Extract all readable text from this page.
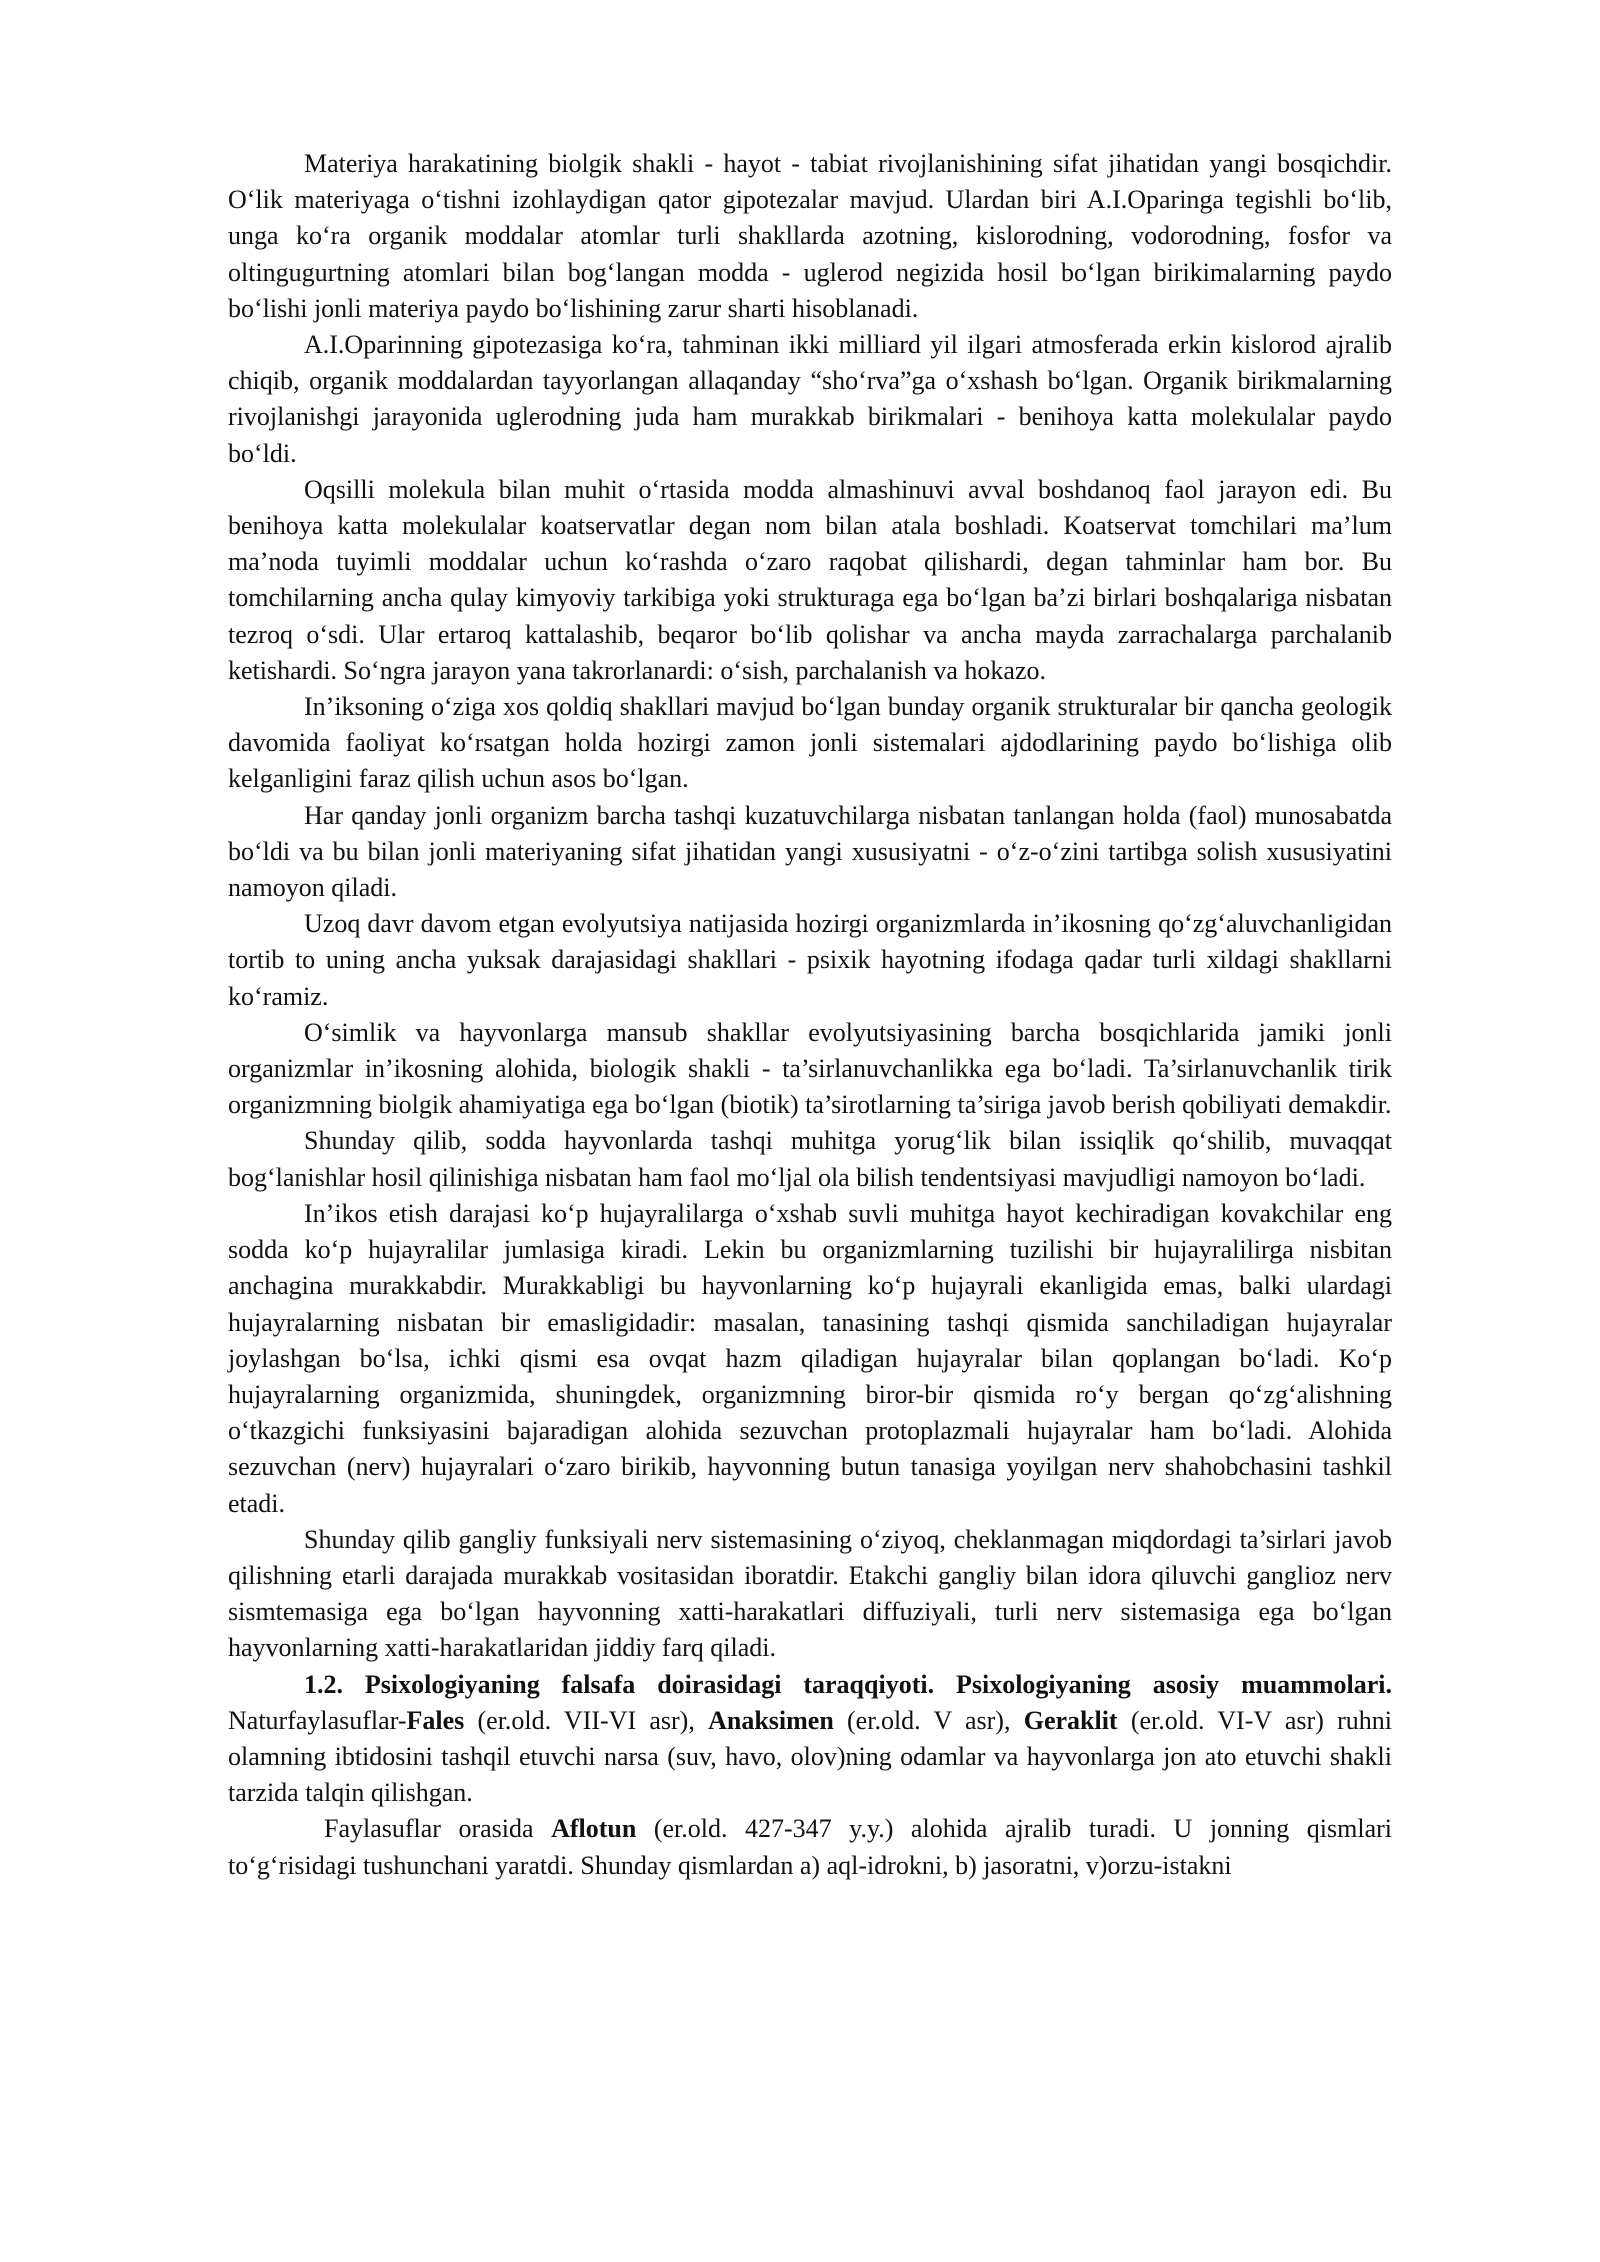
Materiya harakatining biolgik shakli - hayot - tabiat rivojlanishining sifat jihatidan yangi bosqichdir. O‘lik materiyaga o‘tishni izohlaydigan qator gipotezalar mavjud. Ulardan biri A.I.Oparinga tegishli bo‘lib, unga ko‘ra organik moddalar atomlar turli shakllarda azotning, kislorodning, vodorodning, fosfor va oltingugurtning atomlari bilan bog‘langan modda - uglerod negizida hosil bo‘lgan birikimalarning paydo bo‘lishi jonli materiya paydo bo‘lishining zarur sharti hisoblanadi.

A.I.Oparinning gipotezasiga ko‘ra, tahminan ikki milliard yil ilgari atmosferada erkin kislorod ajralib chiqib, organik moddalardan tayyorlangan allaqanday “sho‘rva”ga o‘xshash bo‘lgan. Organik birikmalarning rivojlanishgi jarayonida uglerodning juda ham murakkab birikmalari - benihoya katta molekulalar paydo bo‘ldi.

Oqsilli molekula bilan muhit o‘rtasida modda almashinuvi avval boshdanoq faol jarayon edi. Bu benihoya katta molekulalar koatservatlar degan nom bilan atala boshladi. Koatservat tomchilari ma’lum ma’noda tuyimli moddalar uchun ko‘rashda o‘zaro raqobat qilishardi, degan tahminlar ham bor. Bu tomchilarning ancha qulay kimyoviy tarkibiga yoki strukturaga ega bo‘lgan ba’zi birlari boshqalariga nisbatan tezroq o‘sdi. Ular ertaroq kattalashib, beqaror bo‘lib qolishar va ancha mayda zarrachalarga parchalanib ketishardi. So‘ngra jarayon yana takrorlanardi: o‘sish, parchalanish va hokazo.

In’iksoning o‘ziga xos qoldiq shakllari mavjud bo‘lgan bunday organik strukturalar bir qancha geologik davomida faoliyat ko‘rsatgan holda hozirgi zamon jonli sistemalari ajdodlarining paydo bo‘lishiga olib kelganligini faraz qilish uchun asos bo‘lgan.

Har qanday jonli organizm barcha tashqi kuzatuvchilarga nisbatan tanlangan holda (faol) munosabatda bo‘ldi va bu bilan jonli materiyaning sifat jihatidan yangi xususiyatni - o‘z-o‘zini tartibga solish xususiyatini namoyon qiladi.

Uzoq davr davom etgan evolyutsiya natijasida hozirgi organizmlarda in’ikosning qo‘zg‘aluvchanligidan tortib to uning ancha yuksak darajasidagi shakllari - psixik hayotning ifodaga qadar turli xildagi shakllarni ko‘ramiz.

O‘simlik va hayvonlarga mansub shakllar evolyutsiyasining barcha bosqichlarida jamiki jonli organizmlar in’ikosning alohida, biologik shakli - ta’sirlanuvchanlikka ega bo‘ladi. Ta’sirlanuvchanlik tirik organizmning biolgik ahamiyatiga ega bo‘lgan (biotik) ta’sirotlarning ta’siriga javob berish qobiliyati demakdir.

Shunday qilib, sodda hayvonlarda tashqi muhitga yorug‘lik bilan issiqlik qo‘shilib, muvaqqat bog‘lanishlar hosil qilinishiga nisbatan ham faol mo‘ljal ola bilish tendentsiyasi mavjudligi namoyon bo‘ladi.

In’ikos etish darajasi ko‘p hujayralilarga o‘xshab suvli muhitga hayot kechiradigan kovakchilar eng sodda ko‘p hujayralilar jumlasiga kiradi. Lekin bu organizmlarning tuzilishi bir hujayralilirga nisbitan anchagina murakkabdir. Murakkabligi bu hayvonlarning ko‘p hujayrali ekanligida emas, balki ulardagi hujayralarning nisbatan bir emasligidadir: masalan, tanasining tashqi qismida sanchiladigan hujayralar joylashgan bo‘lsa, ichki qismi esa ovqat hazm qiladigan hujayralar bilan qoplangan bo‘ladi. Ko‘p hujayralarning organizmida, shuningdek, organizmning biror-bir qismida ro‘y bergan qo‘zg‘alishning o‘tkazgichi funksiyasini bajaradigan alohida sezuvchan protoplazmali hujayralar ham bo‘ladi. Alohida sezuvchan (nerv) hujayralari o‘zaro birikib, hayvonning butun tanasiga yoyilgan nerv shahobchasini tashkil etadi.

Shunday qilib gangliy funksiyali nerv sistemasining o‘ziyoq, cheklanmagan miqdordagi ta’sirlari javob qilishning etarli darajada murakkab vositasidan iboratdir. Etakchi gangliy bilan idora qiluvchi ganglioz nerv sismtemasiga ega bo‘lgan hayvonning xatti-harakatlari diffuziyali, turli nerv sistemasiga ega bo‘lgan hayvonlarning xatti-harakatlaridan jiddiy farq qiladi.

1.2. Psixologiyaning falsafa doirasidagi taraqqiyoti. Psixologiyaning asosiy muammolari. Naturfaylasuflar-Fales (er.old. VII-VI asr), Anaksimen (er.old. V asr), Geraklit (er.old. VI-V asr) ruhni olamning ibtidosini tashqil etuvchi narsa (suv, havo, olov)ning odamlar va hayvonlarga jon ato etuvchi shakli tarzida talqin qilishgan.

Faylasuflar orasida Aflotun (er.old. 427-347 y.y.) alohida ajralib turadi. U jonning qismlari to‘g‘risidagi tushunchani yaratdi. Shunday qismlardan a) aql-idrokni, b) jasoratni, v)orzu-istakni
